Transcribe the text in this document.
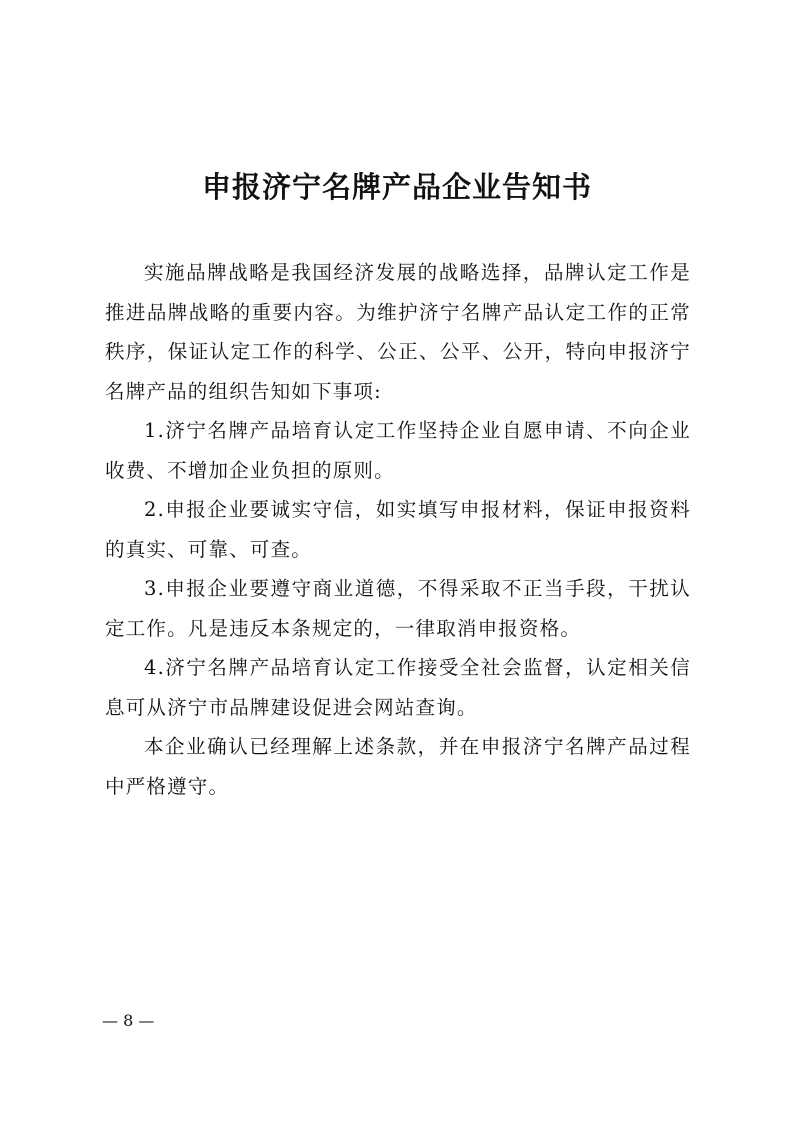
申报济宁名牌产品企业告知书

实施品牌战略是我国经济发展的战略选择，品牌认定工作是推进品牌战略的重要内容。为维护济宁名牌产品认定工作的正常秩序，保证认定工作的科学、公正、公平、公开，特向申报济宁名牌产品的组织告知如下事项:

1.济宁名牌产品培育认定工作坚持企业自愿申请、不向企业收费、不增加企业负担的原则。

2.申报企业要诚实守信，如实填写申报材料，保证申报资料的真实、可靠、可查。

3.申报企业要遵守商业道德，不得采取不正当手段，干扰认定工作。凡是违反本条规定的，一律取消申报资格。

4.济宁名牌产品培育认定工作接受全社会监督，认定相关信息可从济宁市品牌建设促进会网站查询。

本企业确认已经理解上述条款，并在申报济宁名牌产品过程中严格遵守。

— 8 —
